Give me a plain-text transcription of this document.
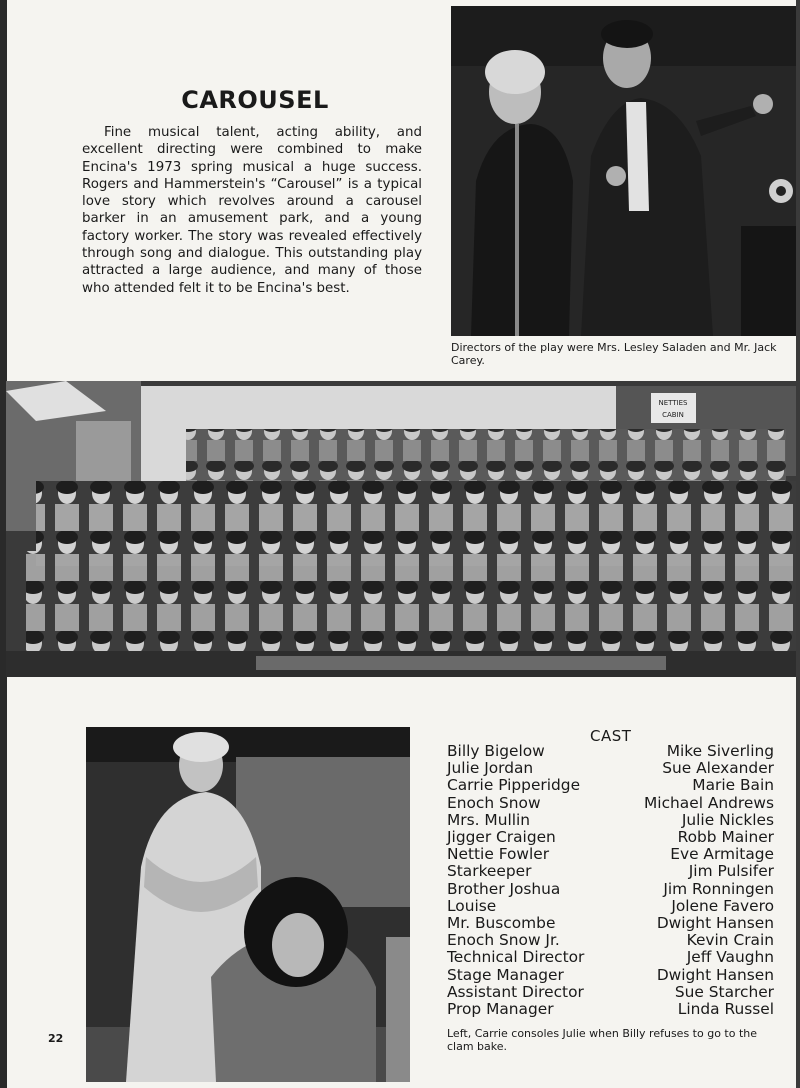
CAROUSEL
Fine musical talent, acting ability, and excellent directing were combined to make Encina's 1973 spring musical a huge success. Rogers and Hammerstein's “Carousel” is a typical love story which revolves around a carousel barker in an amusement park, and a young factory worker. The story was revealed effectively through song and dialogue. This outstanding play attracted a large audience, and many of those who attended felt it to be Encina's best.
Directors of the play were Mrs. Lesley Saladen and Mr. Jack Carey.
NETTIES
CABIN
CAST
Billy Bigelow	Mike Siverling
Julie Jordan	Sue Alexander
Carrie Pipperidge	Marie Bain
Enoch Snow	Michael Andrews
Mrs. Mullin	Julie Nickles
Jigger Craigen	Robb Mainer
Nettie Fowler	Eve Armitage
Starkeeper	Jim Pulsifer
Brother Joshua	Jim Ronningen
Louise	Jolene Favero
Mr. Buscombe	Dwight Hansen
Enoch Snow Jr.	Kevin Crain
Technical Director	Jeff Vaughn
Stage Manager	Dwight Hansen
Assistant Director	Sue Starcher
Prop Manager	Linda Russel
Left, Carrie consoles Julie when Billy refuses to go to the clam bake.
22
